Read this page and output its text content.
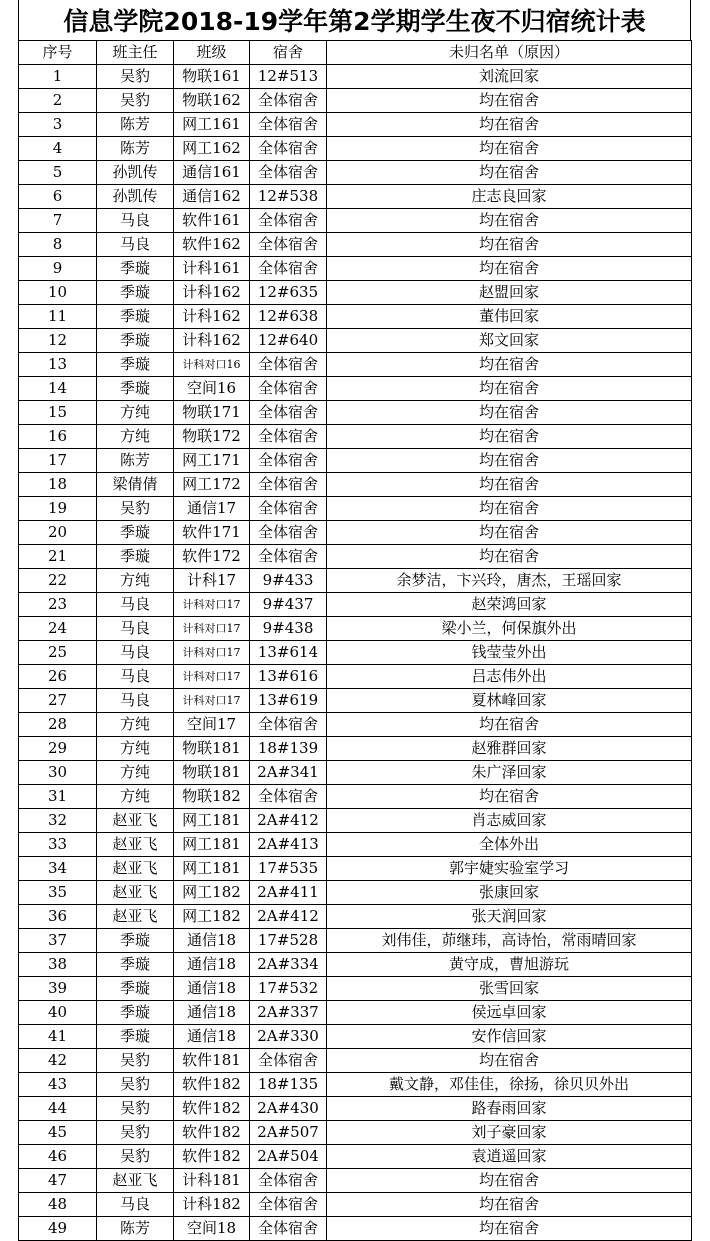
信息学院2018-19学年第2学期学生夜不归宿统计表
序号	班主任	班级	宿舍	未归名单（原因）
1	吴豹	物联161	12#513	刘流回家
2	吴豹	物联162	全体宿舍	均在宿舍
3	陈芳	网工161	全体宿舍	均在宿舍
4	陈芳	网工162	全体宿舍	均在宿舍
5	孙凯传	通信161	全体宿舍	均在宿舍
6	孙凯传	通信162	12#538	庄志良回家
7	马良	软件161	全体宿舍	均在宿舍
8	马良	软件162	全体宿舍	均在宿舍
9	季璇	计科161	全体宿舍	均在宿舍
10	季璇	计科162	12#635	赵盟回家
11	季璇	计科162	12#638	董伟回家
12	季璇	计科162	12#640	郑文回家
13	季璇	计科对口16	全体宿舍	均在宿舍
14	季璇	空间16	全体宿舍	均在宿舍
15	方纯	物联171	全体宿舍	均在宿舍
16	方纯	物联172	全体宿舍	均在宿舍
17	陈芳	网工171	全体宿舍	均在宿舍
18	梁倩倩	网工172	全体宿舍	均在宿舍
19	吴豹	通信17	全体宿舍	均在宿舍
20	季璇	软件171	全体宿舍	均在宿舍
21	季璇	软件172	全体宿舍	均在宿舍
22	方纯	计科17	9#433	余梦洁，卞兴玲，唐杰，王瑶回家
23	马良	计科对口17	9#437	赵荣鸿回家
24	马良	计科对口17	9#438	梁小兰，何保旗外出
25	马良	计科对口17	13#614	钱莹莹外出
26	马良	计科对口17	13#616	吕志伟外出
27	马良	计科对口17	13#619	夏林峰回家
28	方纯	空间17	全体宿舍	均在宿舍
29	方纯	物联181	18#139	赵雅群回家
30	方纯	物联181	2A#341	朱广泽回家
31	方纯	物联182	全体宿舍	均在宿舍
32	赵亚飞	网工181	2A#412	肖志威回家
33	赵亚飞	网工181	2A#413	全体外出
34	赵亚飞	网工181	17#535	郭宇婕实验室学习
35	赵亚飞	网工182	2A#411	张康回家
36	赵亚飞	网工182	2A#412	张天润回家
37	季璇	通信18	17#528	刘伟佳，茆继玮，高诗怡，常雨晴回家
38	季璇	通信18	2A#334	黄守成，曹旭游玩
39	季璇	通信18	17#532	张雪回家
40	季璇	通信18	2A#337	侯远卓回家
41	季璇	通信18	2A#330	安作信回家
42	吴豹	软件181	全体宿舍	均在宿舍
43	吴豹	软件182	18#135	戴文静，邓佳佳，徐扬，徐贝贝外出
44	吴豹	软件182	2A#430	路春雨回家
45	吴豹	软件182	2A#507	刘子豪回家
46	吴豹	软件182	2A#504	袁逍遥回家
47	赵亚飞	计科181	全体宿舍	均在宿舍
48	马良	计科182	全体宿舍	均在宿舍
49	陈芳	空间18	全体宿舍	均在宿舍
